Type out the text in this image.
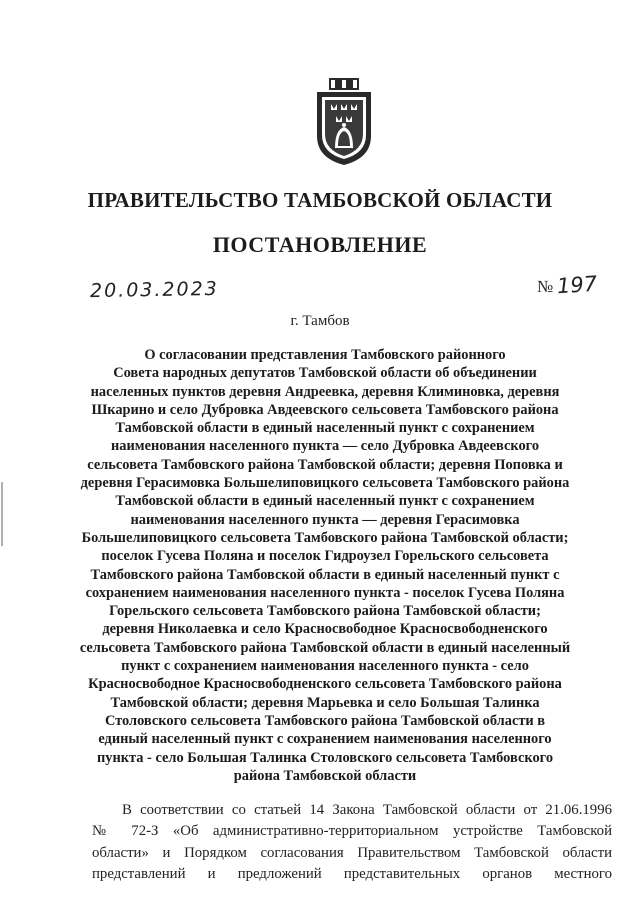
ПРАВИТЕЛЬСТВО ТАМБОВСКОЙ ОБЛАСТИ
ПОСТАНОВЛЕНИЕ
20.03.2023	№ 197
г. Тамбов
О согласовании представления Тамбовского районного
Совета народных депутатов Тамбовской области об объединении
населенных пунктов деревня Андреевка, деревня Климиновка, деревня
Шкарино и село Дубровка Авдеевского сельсовета Тамбовского района
Тамбовской области в единый населенный пункт с сохранением
наименования населенного пункта — село Дубровка Авдеевского
сельсовета Тамбовского района Тамбовской области; деревня Поповка и
деревня Герасимовка Большелиповицкого сельсовета Тамбовского района
Тамбовской области в единый населенный пункт с сохранением
наименования населенного пункта — деревня Герасимовка
Большелиповицкого сельсовета Тамбовского района Тамбовской области;
поселок Гусева Поляна и поселок Гидроузел Горельского сельсовета
Тамбовского района Тамбовской области в единый населенный пункт с
сохранением наименования населенного пункта - поселок Гусева Поляна
Горельского сельсовета Тамбовского района Тамбовской области;
деревня Николаевка и село Красносвободное Красносвободненского
сельсовета Тамбовского района Тамбовской области в единый населенный
пункт с сохранением наименования населенного пункта - село
Красносвободное Красносвободненского сельсовета Тамбовского района
Тамбовской области; деревня Марьевка и село Большая Талинка
Столовского сельсовета Тамбовского района Тамбовской области в
единый населенный пункт с сохранением наименования населенного
пункта - село Большая Талинка Столовского сельсовета Тамбовского
района Тамбовской области
В соответствии со статьей 14 Закона Тамбовской области от 21.06.1996
№ 72-З «Об административно-территориальном устройстве Тамбовской
области» и Порядком согласования Правительством Тамбовской области
представлений и предложений представительных органов местного
